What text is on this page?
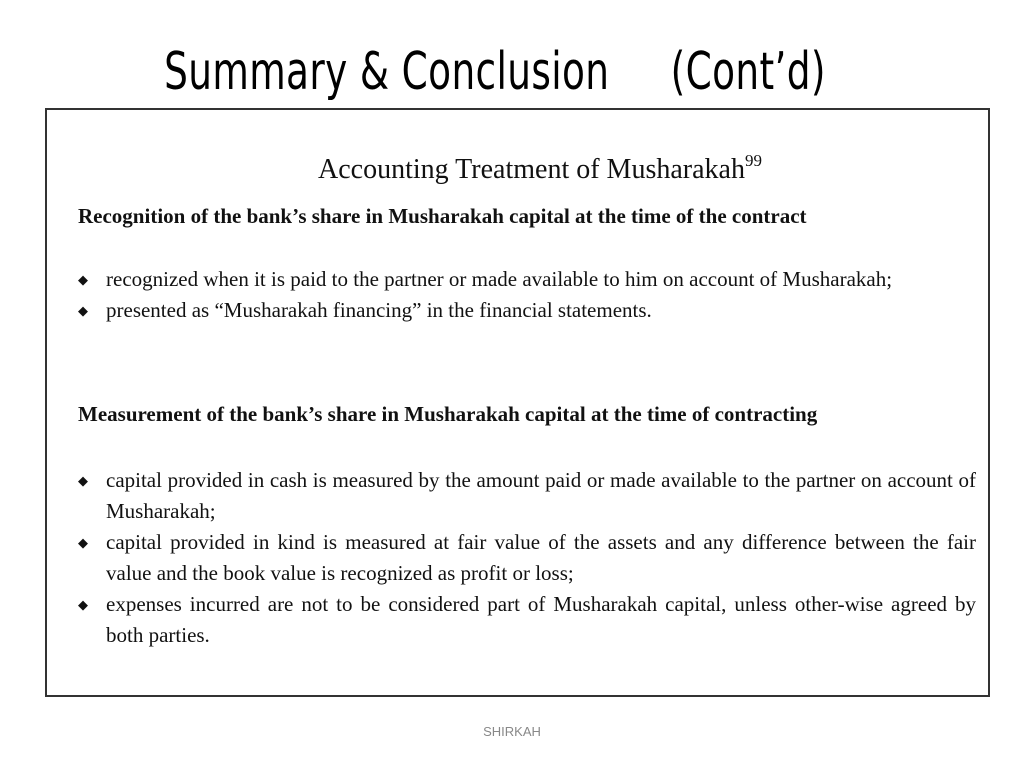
Summary & Conclusion     (Cont’d)
Accounting Treatment of Musharakah$^{99}$
Recognition of the bank’s share in Musharakah capital at the time of the contract
◆ recognized when it is paid to the partner or made available to him on account of Musharakah;
◆ presented as “Musharakah financing” in the financial statements.
Measurement of the bank’s share in Musharakah capital at the time of contracting
◆ capital provided in cash is measured by the amount paid or made available to the partner on account of Musharakah;
◆ capital provided in kind is measured at fair value of the assets and any difference between the fair value and the book value is recognized as profit or loss;
◆ expenses incurred are not to be considered part of Musharakah capital, unless other-wise agreed by both parties.
SHIRKAH
